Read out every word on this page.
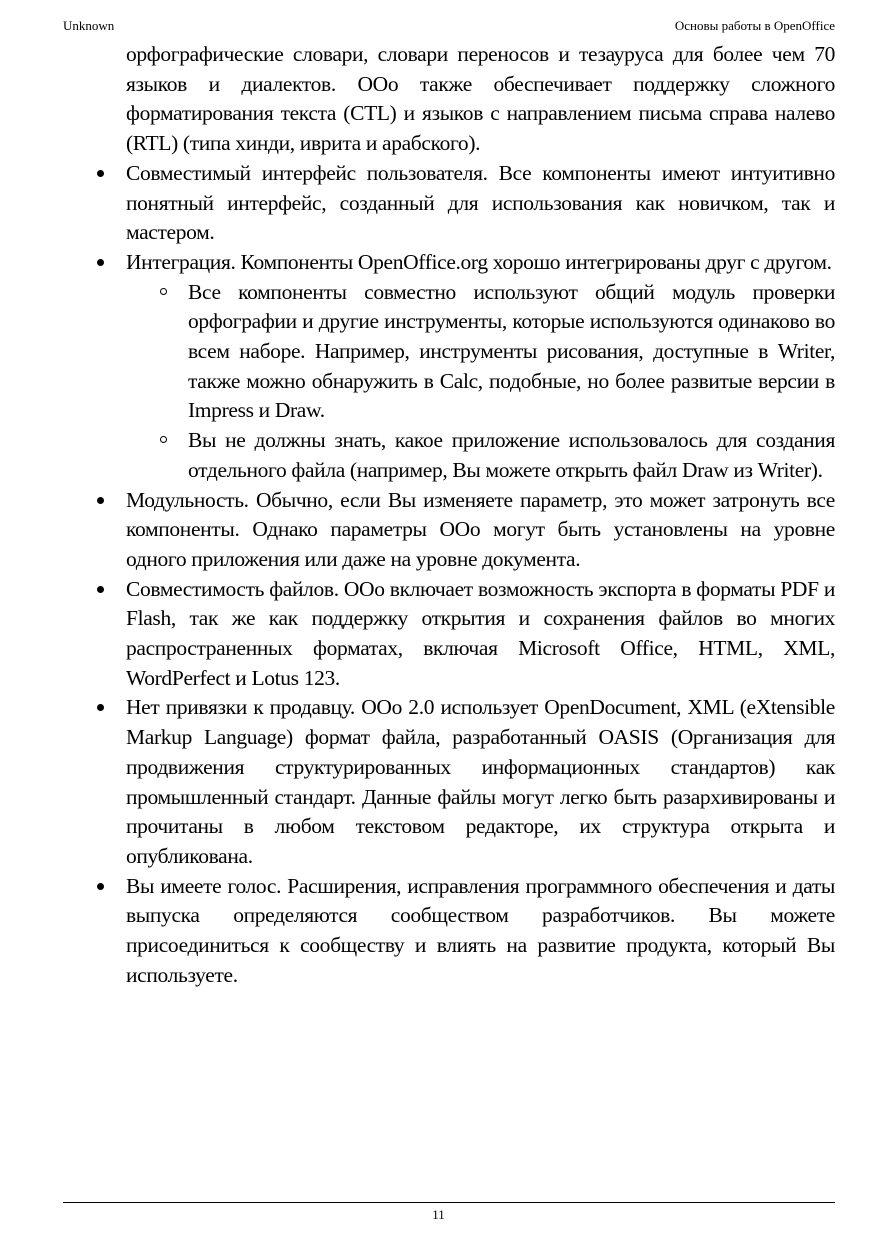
Unknown	Основы работы в OpenOffice

орфографические словари, словари переносов и тезауруса для более чем 70 языков и диалектов. OOo также обеспечивает поддержку сложного форматирования текста (CTL) и языков с направлением письма справа налево (RTL) (типа хинди, иврита и арабского).

Совместимый интерфейс пользователя. Все компоненты имеют интуитивно понятный интерфейс, созданный для использования как новичком, так и мастером.
Интеграция. Компоненты OpenOffice.org хорошо интегрированы друг с другом.
Все компоненты совместно используют общий модуль проверки орфографии и другие инструменты, которые используются одинаково во всем наборе. Например, инструменты рисования, доступные в Writer, также можно обнаружить в Calc, подобные, но более развитые версии в Impress и Draw.
Вы не должны знать, какое приложение использовалось для создания отдельного файла (например, Вы можете открыть файл Draw из Writer).
Модульность. Обычно, если Вы изменяете параметр, это может затронуть все компоненты. Однако параметры OOo могут быть установлены на уровне одного приложения или даже на уровне документа.
Совместимость файлов. OOo включает возможность экспорта в форматы PDF и Flash, так же как поддержку открытия и сохранения файлов во многих распространенных форматах, включая Microsoft Office, HTML, XML, WordPerfect и Lotus 123.
Нет привязки к продавцу. OOo 2.0 использует OpenDocument, XML (eXtensible Markup Language) формат файла, разработанный OASIS (Организация для продвижения структурированных информационных стандартов) как промышленный стандарт. Данные файлы могут легко быть разархивированы и прочитаны в любом текстовом редакторе, их структура открыта и опубликована.
Вы имеете голос. Расширения, исправления программного обеспечения и даты выпуска определяются сообществом разработчиков. Вы можете присоединиться к сообществу и влиять на развитие продукта, который Вы используете.
11
